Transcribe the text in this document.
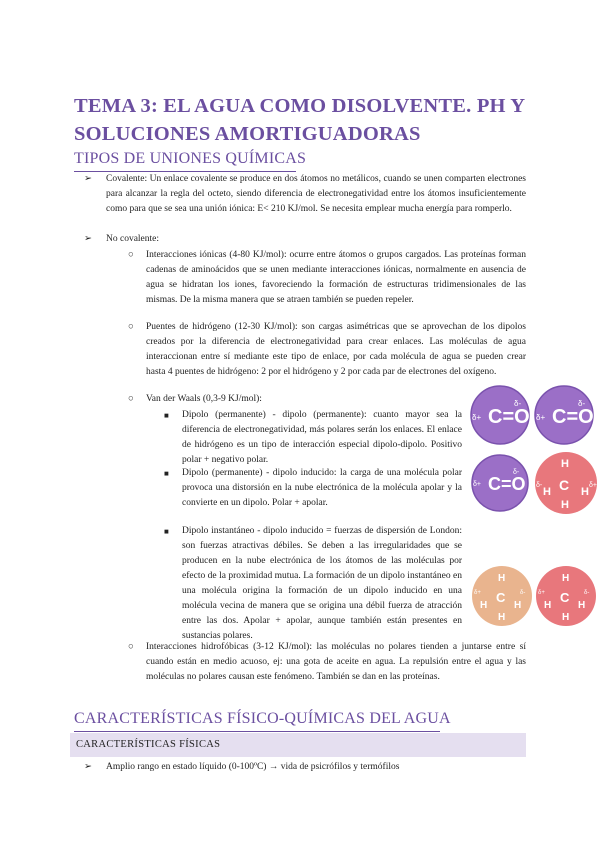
TEMA 3: EL AGUA COMO DISOLVENTE. PH Y SOLUCIONES AMORTIGUADORAS
TIPOS DE UNIONES QUÍMICAS
➢ Covalente: Un enlace covalente se produce en dos átomos no metálicos, cuando se unen comparten electrones para alcanzar la regla del octeto, siendo diferencia de electronegatividad entre los átomos insuficientemente como para que se sea una unión iónica: E< 210 KJ/mol. Se necesita emplear mucha energía para romperlo.

➢ No covalente:

○ Interacciones iónicas (4-80 KJ/mol): ocurre entre átomos o grupos cargados. Las proteínas forman cadenas de aminoácidos que se unen mediante interacciones iónicas, normalmente en ausencia de agua se hidratan los iones, favoreciendo la formación de estructuras tridimensionales de las mismas. De la misma manera que se atraen también se pueden repeler.

○ Puentes de hidrógeno (12-30 KJ/mol): son cargas asimétricas que se aprovechan de los dipolos creados por la diferencia de electronegatividad para crear enlaces. Las moléculas de agua interaccionan entre sí mediante este tipo de enlace, por cada molécula de agua se pueden crear hasta 4 puentes de hidrógeno: 2 por el hidrógeno y 2 por cada par de electrones del oxígeno.

○ Van der Waals (0,3-9 KJ/mol):

■ Dipolo (permanente) - dipolo (permanente): cuanto mayor sea la diferencia de electronegatividad, más polares serán los enlaces. El enlace de hidrógeno es un tipo de interacción especial dipolo-dipolo. Positivo polar + negativo polar.

■ Dipolo (permanente) - dipolo inducido: la carga de una molécula polar provoca una distorsión en la nube electrónica de la molécula apolar y la convierte en un dipolo. Polar + apolar.

■ Dipolo instantáneo - dipolo inducido = fuerzas de dispersión de London: son fuerzas atractivas débiles. Se deben a las irregularidades que se producen en la nube electrónica de los átomos de las moléculas por efecto de la proximidad mutua. La formación de un dipolo instantáneo en una molécula origina la formación de un dipolo inducido en una molécula vecina de manera que se origina una débil fuerza de atracción entre las dos. Apolar + apolar, aunque también están presentes en sustancias polares.

○ Interacciones hidrofóbicas (3-12 KJ/mol): las moléculas no polares tienden a juntarse entre sí cuando están en medio acuoso, ej: una gota de aceite en agua. La repulsión entre el agua y las moléculas no polares causan este fenómeno. También se dan en las proteínas.

C=O
δ+
δ-
C=O
δ+
δ-
C=O
δ+
δ-
C
H
H	H
H
δ-	δ+
C
H
H	H
H
C
H
H	H
H
δ+	δ- δ+	δ-
CARACTERÍSTICAS FÍSICO-QUÍMICAS DEL AGUA
CARACTERÍSTICAS FÍSICAS
➢ Amplio rango en estado líquido (0-100ºC) → vida de psicrófilos y termófilos
